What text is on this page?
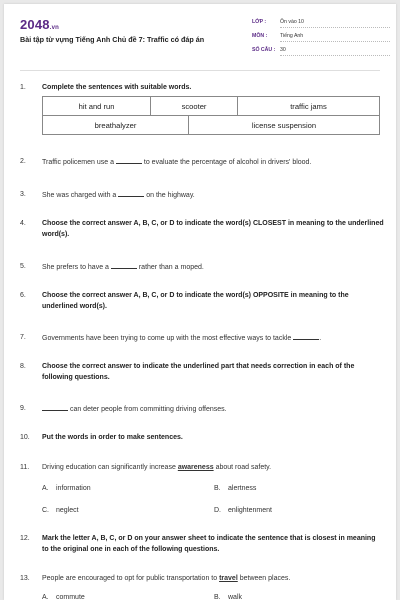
2048.vn
Bài tập từ vựng Tiếng Anh Chủ đề 7: Traffic có đáp án
LỚP :	Ôn vào 10
MÔN :	Tiếng Anh
SỐ CÂU : 30
1.	Complete the sentences with suitable words.
hit and run	scooter		traffic jams
breathalyzer		license suspension	
2.	Traffic policemen use a	to evaluate the percentage of alcohol in drivers' blood.
3.	She was charged with a	on the highway.
4.	Choose the correct answer A, B, C, or D to indicate the word(s) CLOSEST in meaning to the underlined word(s).
5.	She prefers to have a	rather than a moped.
6.	Choose the correct answer A, B, C, or D to indicate the word(s) OPPOSITE in meaning to the underlined word(s).
7.	Governments have been trying to come up with the most effective ways to tackle	.
8.	Choose the correct answer to indicate the underlined part that needs correction in each of the following questions.
9.	can deter people from committing driving offenses.
10.	Put the words in order to make sentences.
11.	Driving education can significantly increase awareness about road safety.
A. information	B. alertness
C. neglect	D. enlightenment
12.	Mark the letter A, B, C, or D on your answer sheet to indicate the sentence that is closest in meaning to the original one in each of the following questions.
13.	People are encouraged to opt for public transportation to travel between places.
A. commute	B. walk
